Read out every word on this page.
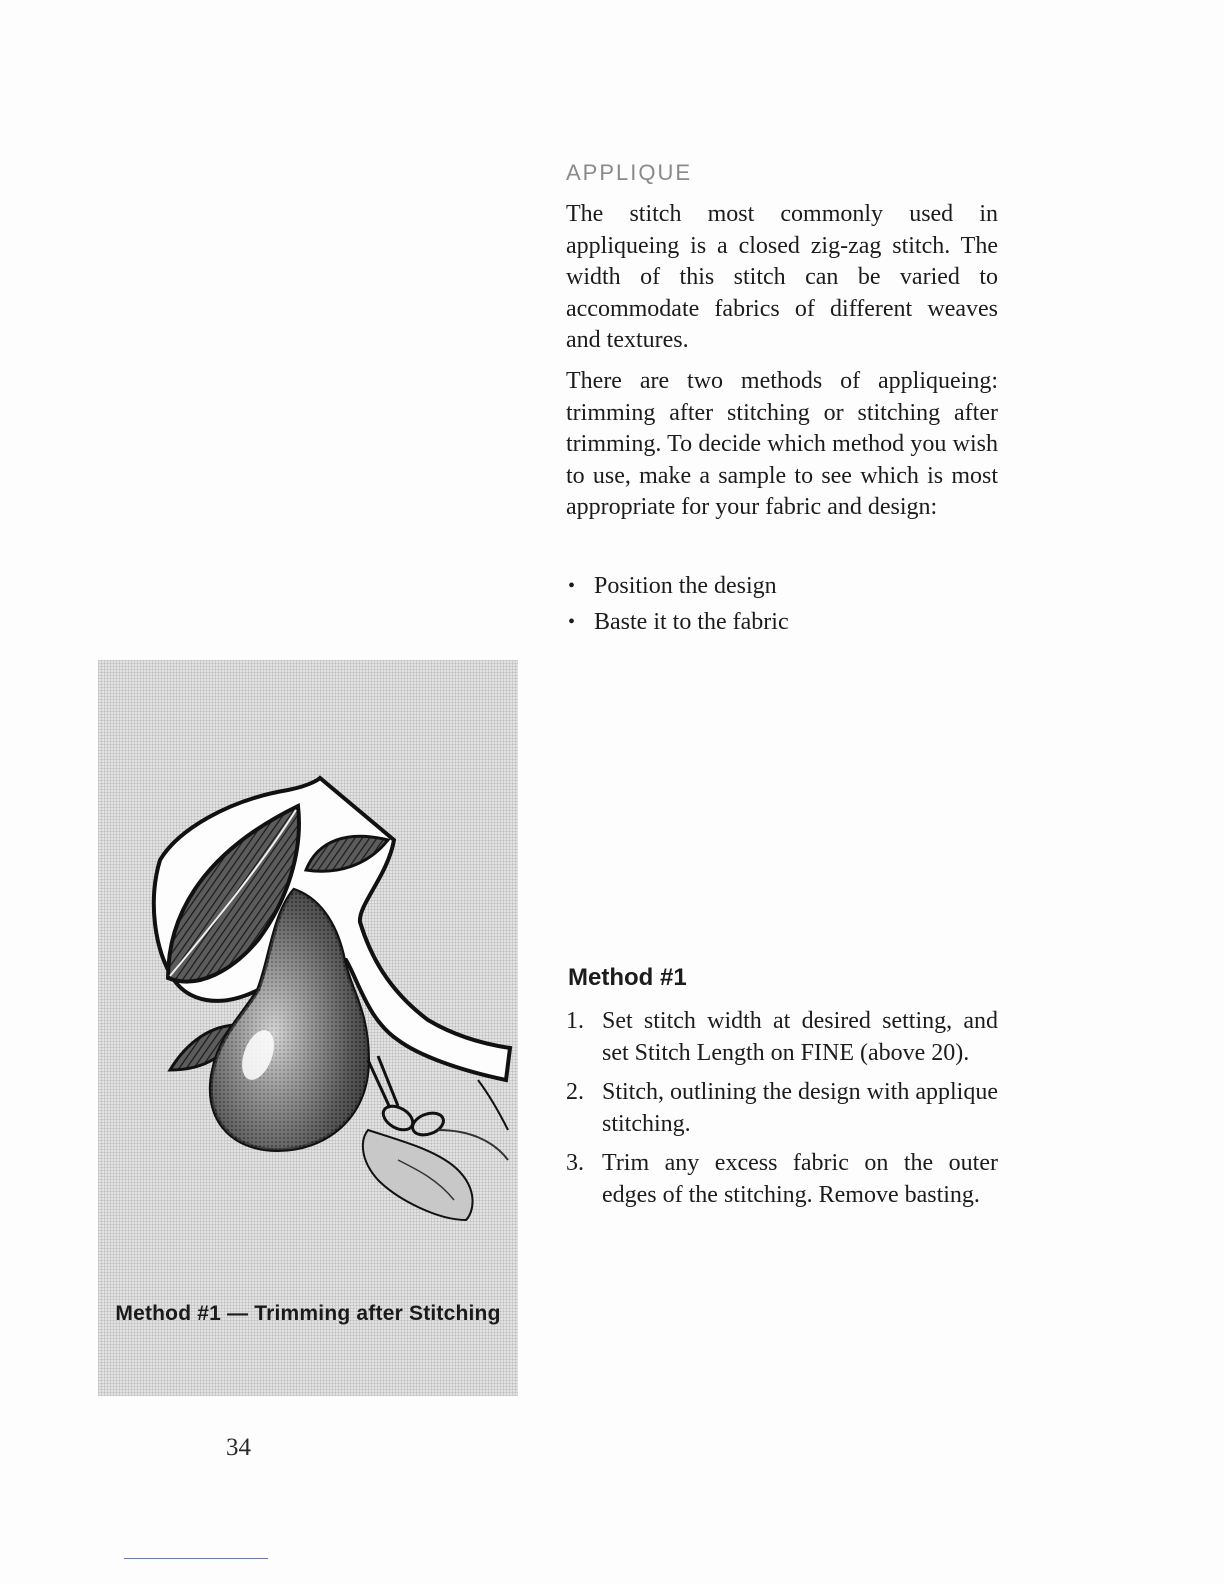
APPLIQUE

The stitch most commonly used in appliqueing is a closed zig-zag stitch. The width of this stitch can be varied to accommodate fabrics of different weaves and textures.

There are two methods of appliqueing: trimming after stitching or stitching after trimming. To decide which method you wish to use, make a sample to see which is most appropriate for your fabric and design:

• Position the design
• Baste it to the fabric
Method #1 — Trimming after Stitching
Method #1
1. Set stitch width at desired setting, and set Stitch Length on FINE (above 20).
2. Stitch, outlining the design with applique stitching.
3. Trim any excess fabric on the outer edges of the stitching. Remove basting.
34
